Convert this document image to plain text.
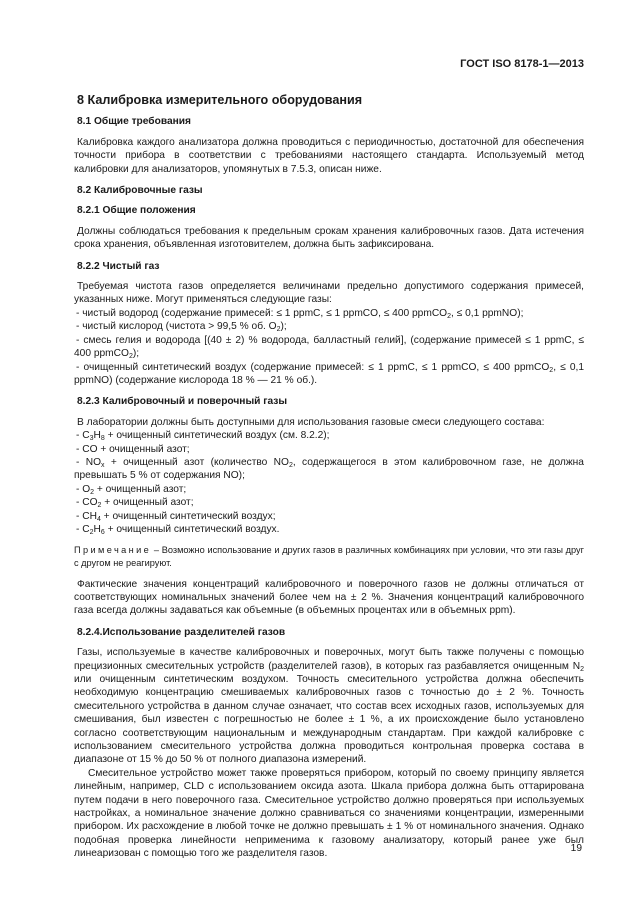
ГОСТ ISO 8178-1—2013
8 Калибровка измерительного оборудования
8.1 Общие требования

Калибровка каждого анализатора должна проводиться с периодичностью, достаточной для обеспечения точности прибора в соответствии с требованиями настоящего стандарта. Используемый метод калибровки для анализаторов, упомянутых в 7.5.3, описан ниже.

8.2 Калибровочные газы
8.2.1 Общие положения

Должны соблюдаться требования к предельным срокам хранения калибровочных газов. Дата истечения срока хранения, объявленная изготовителем, должна быть зафиксирована.

8.2.2 Чистый газ

Требуемая чистота газов определяется величинами предельно допустимого содержания примесей, указанных ниже. Могут применяться следующие газы:

- чистый водород (содержание примесей: ≤ 1 ppmC, ≤ 1 ppmCO, ≤ 400 ppmCO$_2$, ≤ 0,1 ppmNO);

- чистый кислород (чистота > 99,5 % об. $O_2$);

- смесь гелия и водорода [(40 ± 2) % водорода, балластный гелий], (содержание примесей ≤ 1 ppmC, ≤ 400 ppmCO$_2$);

- очищенный синтетический воздух (содержание примесей: ≤ 1 ppmC, ≤ 1 ppmCO, ≤ 400 ppmCO$_2$, ≤ 0,1 ppmNO) (содержание кислорода 18 % — 21 % об.).

8.2.3 Калибровочный и поверочный газы

В лаборатории должны быть доступными для использования газовые смеси следующего состава:

- $C_3H_8$ + очищенный синтетический воздух (см. 8.2.2);

- CO + очищенный азот;

- $NO_x$ + очищенный азот (количество $NO_2$, содержащегося в этом калибровочном газе, не должна превышать 5 % от содержания NO);

- $O_2$ + очищенный азот;

- $CO_2$ + очищенный азот;

- $CH_4$ + очищенный синтетический воздух;

- $C_2H_6$ + очищенный синтетический воздух.

Примечание – Возможно использование и других газов в различных комбинациях при условии, что эти газы друг с другом не реагируют.

Фактические значения концентраций калибровочного и поверочного газов не должны отличаться от соответствующих номинальных значений более чем на ± 2 %. Значения концентраций калибровочного газа всегда должны задаваться как объемные (в объемных процентах или в объемных ppm).

8.2.4.Использование разделителей газов

Газы, используемые в качестве калибровочных и поверочных, могут быть также получены с помощью прецизионных смесительных устройств (разделителей газов), в которых газ разбавляется очищенным $N_2$ или очищенным синтетическим воздухом. Точность смесительного устройства должна обеспечить необходимую концентрацию смешиваемых калибровочных газов с точностью до ± 2 %. Точность смесительного устройства в данном случае означает, что состав всех исходных газов, используемых для смешивания, был известен с погрешностью не более ± 1 %, а их происхождение было установлено согласно соответствующим национальным и международным стандартам. При каждой калибровке с использованием смесительного устройства должна проводиться контрольная проверка состава в диапазоне от 15 % до 50 % от полного диапазона измерений.

Смесительное устройство может также проверяться прибором, который по своему принципу является линейным, например, CLD с использованием оксида азота. Шкала прибора должна быть оттарирована путем подачи в него поверочного газа. Смесительное устройство должно проверяться при используемых настройках, а номинальное значение должно сравниваться со значениями концентрации, измеренными прибором. Их расхождение в любой точке не должно превышать ± 1 % от номинального значения. Однако подобная проверка линейности неприменима к газовому анализатору, который ранее уже был линеаризован с помощью того же разделителя газов.	19
